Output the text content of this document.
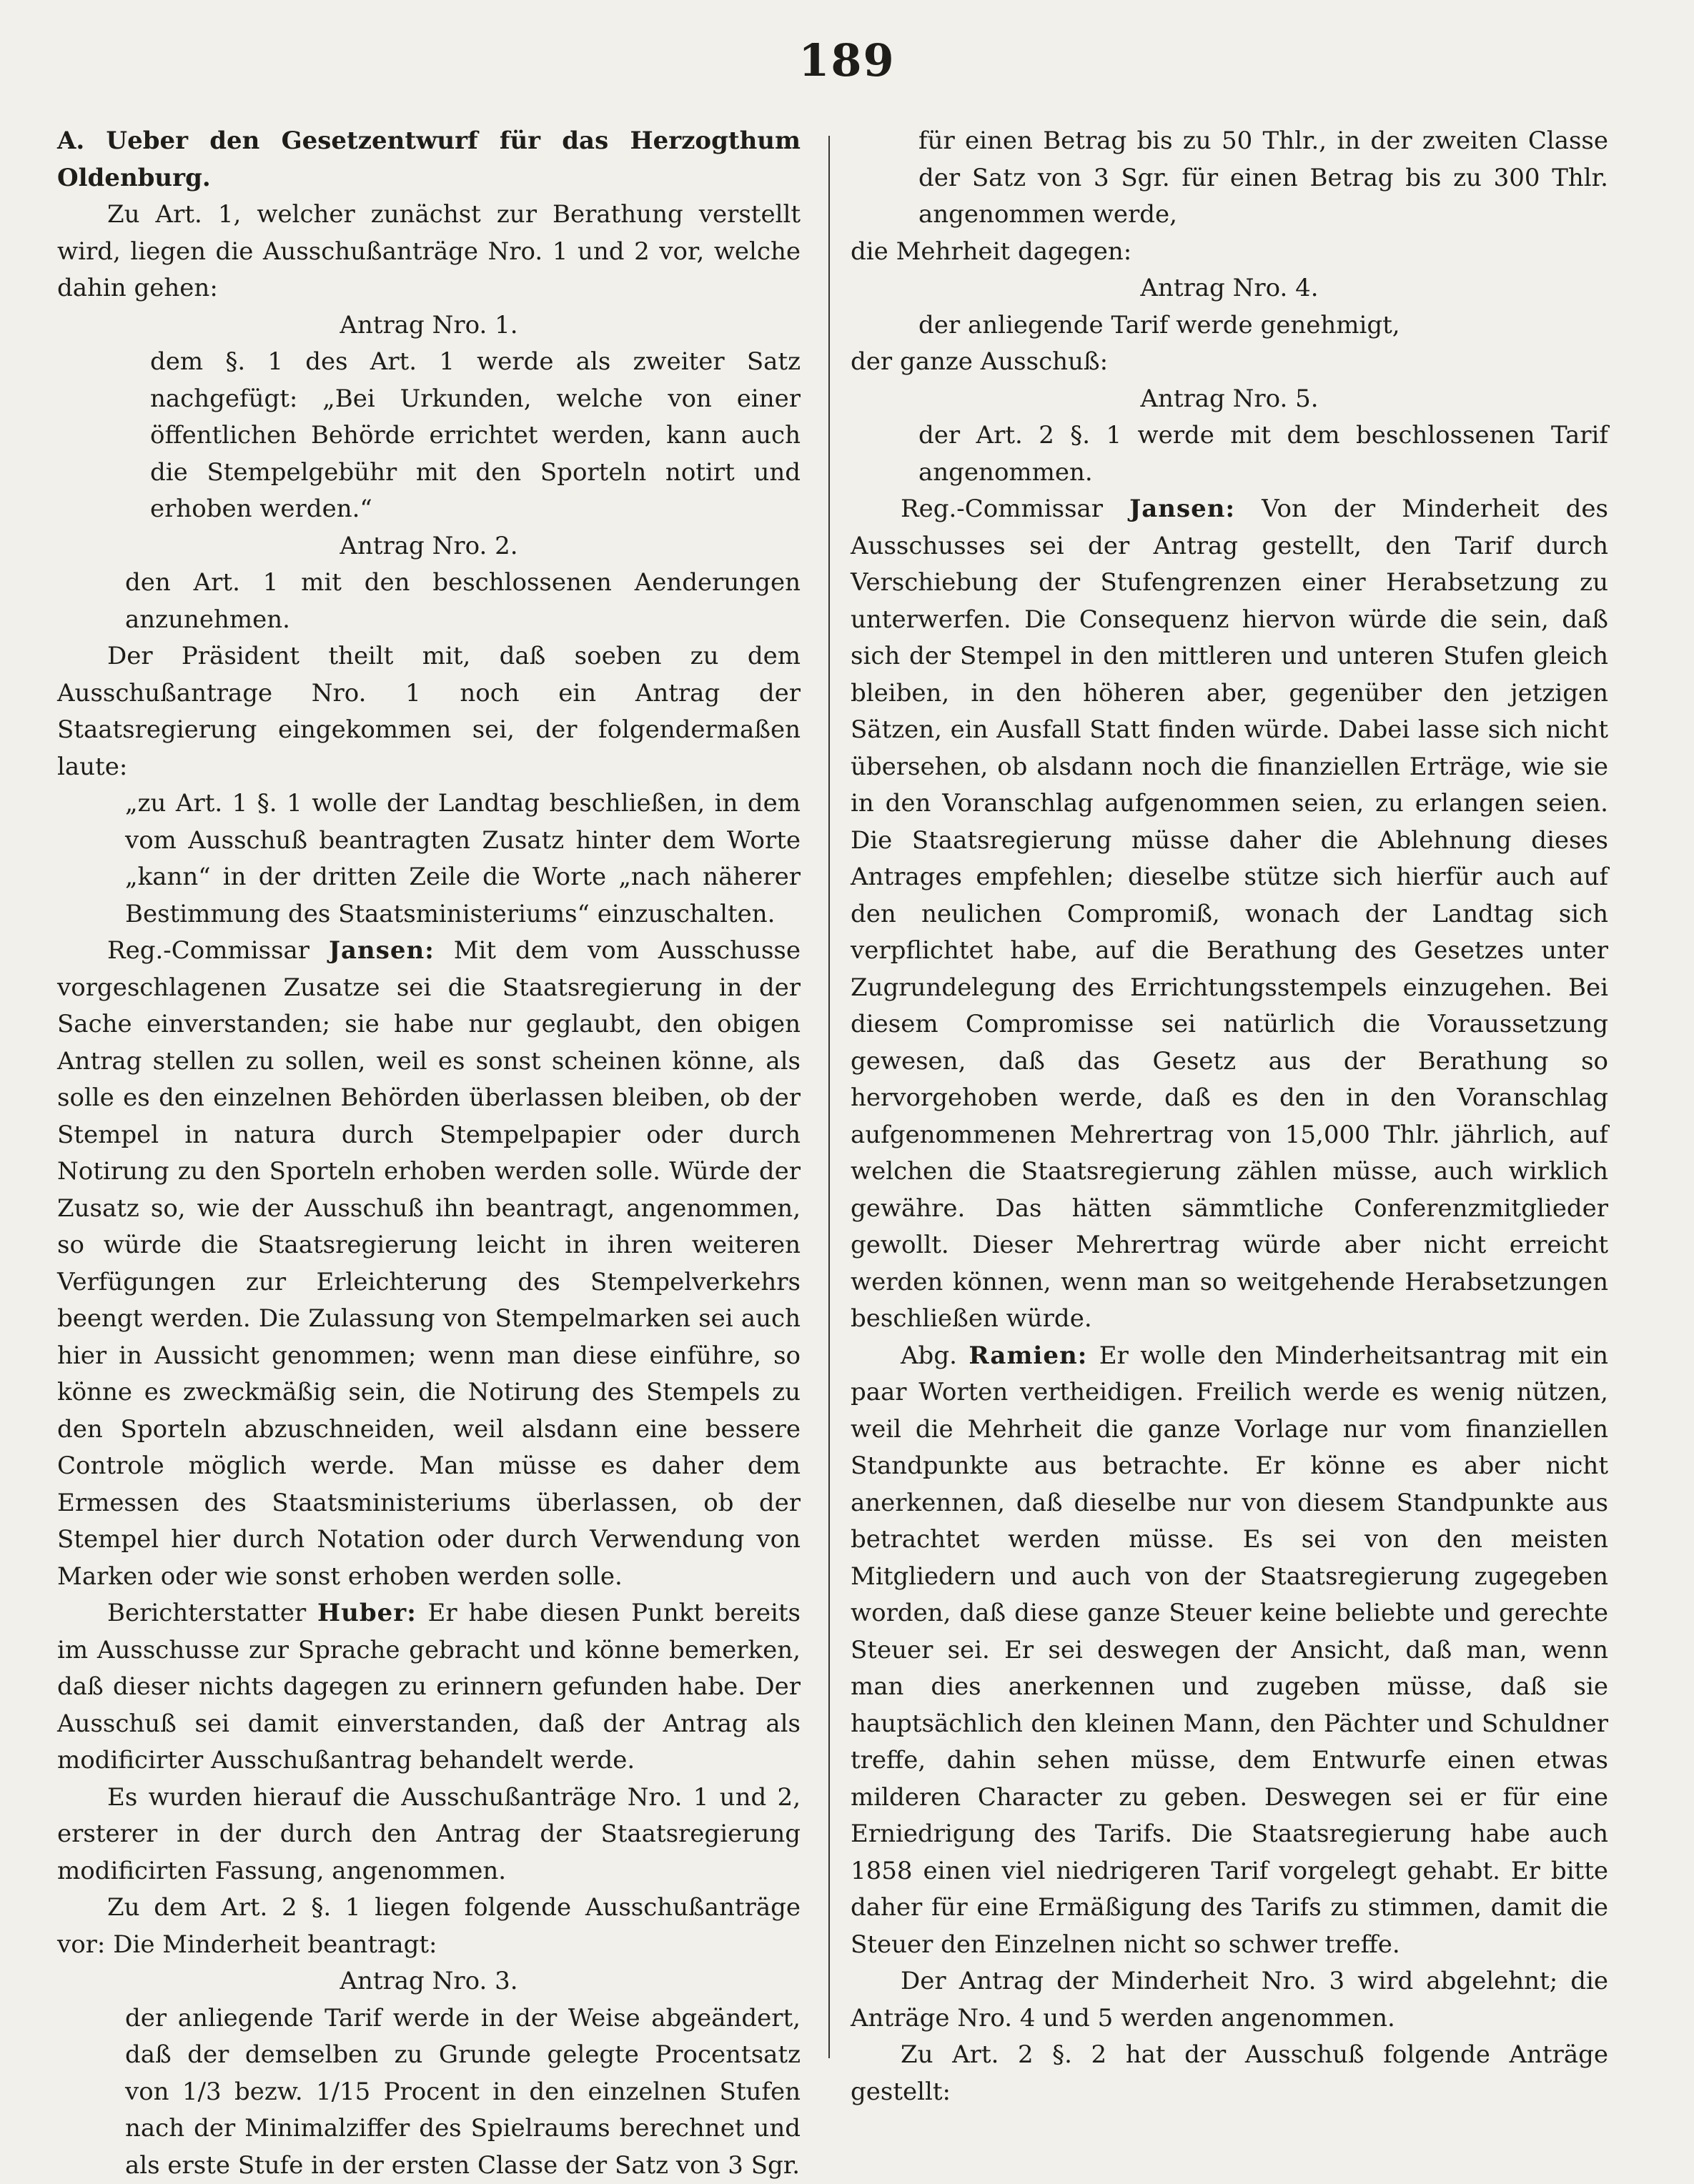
189

A. Ueber den Gesetzentwurf für das Herzogthum Oldenburg.

Zu Art. 1, welcher zunächst zur Berathung verstellt wird, liegen die Ausschußanträge Nro. 1 und 2 vor, welche dahin gehen:

Antrag Nro. 1.

dem §. 1 des Art. 1 werde als zweiter Satz nachgefügt: „Bei Urkunden, welche von einer öffentlichen Behörde errichtet werden, kann auch die Stempelgebühr mit den Sporteln notirt und erhoben werden.“

Antrag Nro. 2.

den Art. 1 mit den beschlossenen Aenderungen anzunehmen.

Der Präsident theilt mit, daß soeben zu dem Ausschußantrage Nro. 1 noch ein Antrag der Staatsregierung eingekommen sei, der folgendermaßen laute:

„zu Art. 1 §. 1 wolle der Landtag beschließen, in dem vom Ausschuß beantragten Zusatz hinter dem Worte „kann“ in der dritten Zeile die Worte „nach näherer Bestimmung des Staatsministeriums“ einzuschalten.

Reg.-Commissar Jansen: Mit dem vom Ausschusse vorgeschlagenen Zusatze sei die Staatsregierung in der Sache einverstanden; sie habe nur geglaubt, den obigen Antrag stellen zu sollen, weil es sonst scheinen könne, als solle es den einzelnen Behörden überlassen bleiben, ob der Stempel in natura durch Stempelpapier oder durch Notirung zu den Sporteln erhoben werden solle. Würde der Zusatz so, wie der Ausschuß ihn beantragt, angenommen, so würde die Staatsregierung leicht in ihren weiteren Verfügungen zur Erleichterung des Stempelverkehrs beengt werden. Die Zulassung von Stempelmarken sei auch hier in Aussicht genommen; wenn man diese einführe, so könne es zweckmäßig sein, die Notirung des Stempels zu den Sporteln abzuschneiden, weil alsdann eine bessere Controle möglich werde. Man müsse es daher dem Ermessen des Staatsministeriums überlassen, ob der Stempel hier durch Notation oder durch Verwendung von Marken oder wie sonst erhoben werden solle.

Berichterstatter Huber: Er habe diesen Punkt bereits im Ausschusse zur Sprache gebracht und könne bemerken, daß dieser nichts dagegen zu erinnern gefunden habe. Der Ausschuß sei damit einverstanden, daß der Antrag als modificirter Ausschußantrag behandelt werde.

Es wurden hierauf die Ausschußanträge Nro. 1 und 2, ersterer in der durch den Antrag der Staatsregierung modificirten Fassung, angenommen.

Zu dem Art. 2 §. 1 liegen folgende Ausschußanträge vor: Die Minderheit beantragt:

Antrag Nro. 3.

der anliegende Tarif werde in der Weise abgeändert, daß der demselben zu Grunde gelegte Procentsatz von 1/3 bezw. 1/15 Procent in den einzelnen Stufen nach der Minimalziffer des Spielraums berechnet und als erste Stufe in der ersten Classe der Satz von 3 Sgr.

für einen Betrag bis zu 50 Thlr., in der zweiten Classe der Satz von 3 Sgr. für einen Betrag bis zu 300 Thlr. angenommen werde,

die Mehrheit dagegen:

Antrag Nro. 4.

der anliegende Tarif werde genehmigt,

der ganze Ausschuß:

Antrag Nro. 5.

der Art. 2 §. 1 werde mit dem beschlossenen Tarif angenommen.

Reg.-Commissar Jansen: Von der Minderheit des Ausschusses sei der Antrag gestellt, den Tarif durch Verschiebung der Stufengrenzen einer Herabsetzung zu unterwerfen. Die Consequenz hiervon würde die sein, daß sich der Stempel in den mittleren und unteren Stufen gleich bleiben, in den höheren aber, gegenüber den jetzigen Sätzen, ein Ausfall Statt finden würde. Dabei lasse sich nicht übersehen, ob alsdann noch die finanziellen Erträge, wie sie in den Voranschlag aufgenommen seien, zu erlangen seien. Die Staatsregierung müsse daher die Ablehnung dieses Antrages empfehlen; dieselbe stütze sich hierfür auch auf den neulichen Compromiß, wonach der Landtag sich verpflichtet habe, auf die Berathung des Gesetzes unter Zugrundelegung des Errichtungsstempels einzugehen. Bei diesem Compromisse sei natürlich die Voraussetzung gewesen, daß das Gesetz aus der Berathung so hervorgehoben werde, daß es den in den Voranschlag aufgenommenen Mehrertrag von 15,000 Thlr. jährlich, auf welchen die Staatsregierung zählen müsse, auch wirklich gewähre. Das hätten sämmtliche Conferenzmitglieder gewollt. Dieser Mehrertrag würde aber nicht erreicht werden können, wenn man so weitgehende Herabsetzungen beschließen würde.

Abg. Ramien: Er wolle den Minderheitsantrag mit ein paar Worten vertheidigen. Freilich werde es wenig nützen, weil die Mehrheit die ganze Vorlage nur vom finanziellen Standpunkte aus betrachte. Er könne es aber nicht anerkennen, daß dieselbe nur von diesem Standpunkte aus betrachtet werden müsse. Es sei von den meisten Mitgliedern und auch von der Staatsregierung zugegeben worden, daß diese ganze Steuer keine beliebte und gerechte Steuer sei. Er sei deswegen der Ansicht, daß man, wenn man dies anerkennen und zugeben müsse, daß sie hauptsächlich den kleinen Mann, den Pächter und Schuldner treffe, dahin sehen müsse, dem Entwurfe einen etwas milderen Character zu geben. Deswegen sei er für eine Erniedrigung des Tarifs. Die Staatsregierung habe auch 1858 einen viel niedrigeren Tarif vorgelegt gehabt. Er bitte daher für eine Ermäßigung des Tarifs zu stimmen, damit die Steuer den Einzelnen nicht so schwer treffe.

Der Antrag der Minderheit Nro. 3 wird abgelehnt; die Anträge Nro. 4 und 5 werden angenommen.

Zu Art. 2 §. 2 hat der Ausschuß folgende Anträge gestellt:
